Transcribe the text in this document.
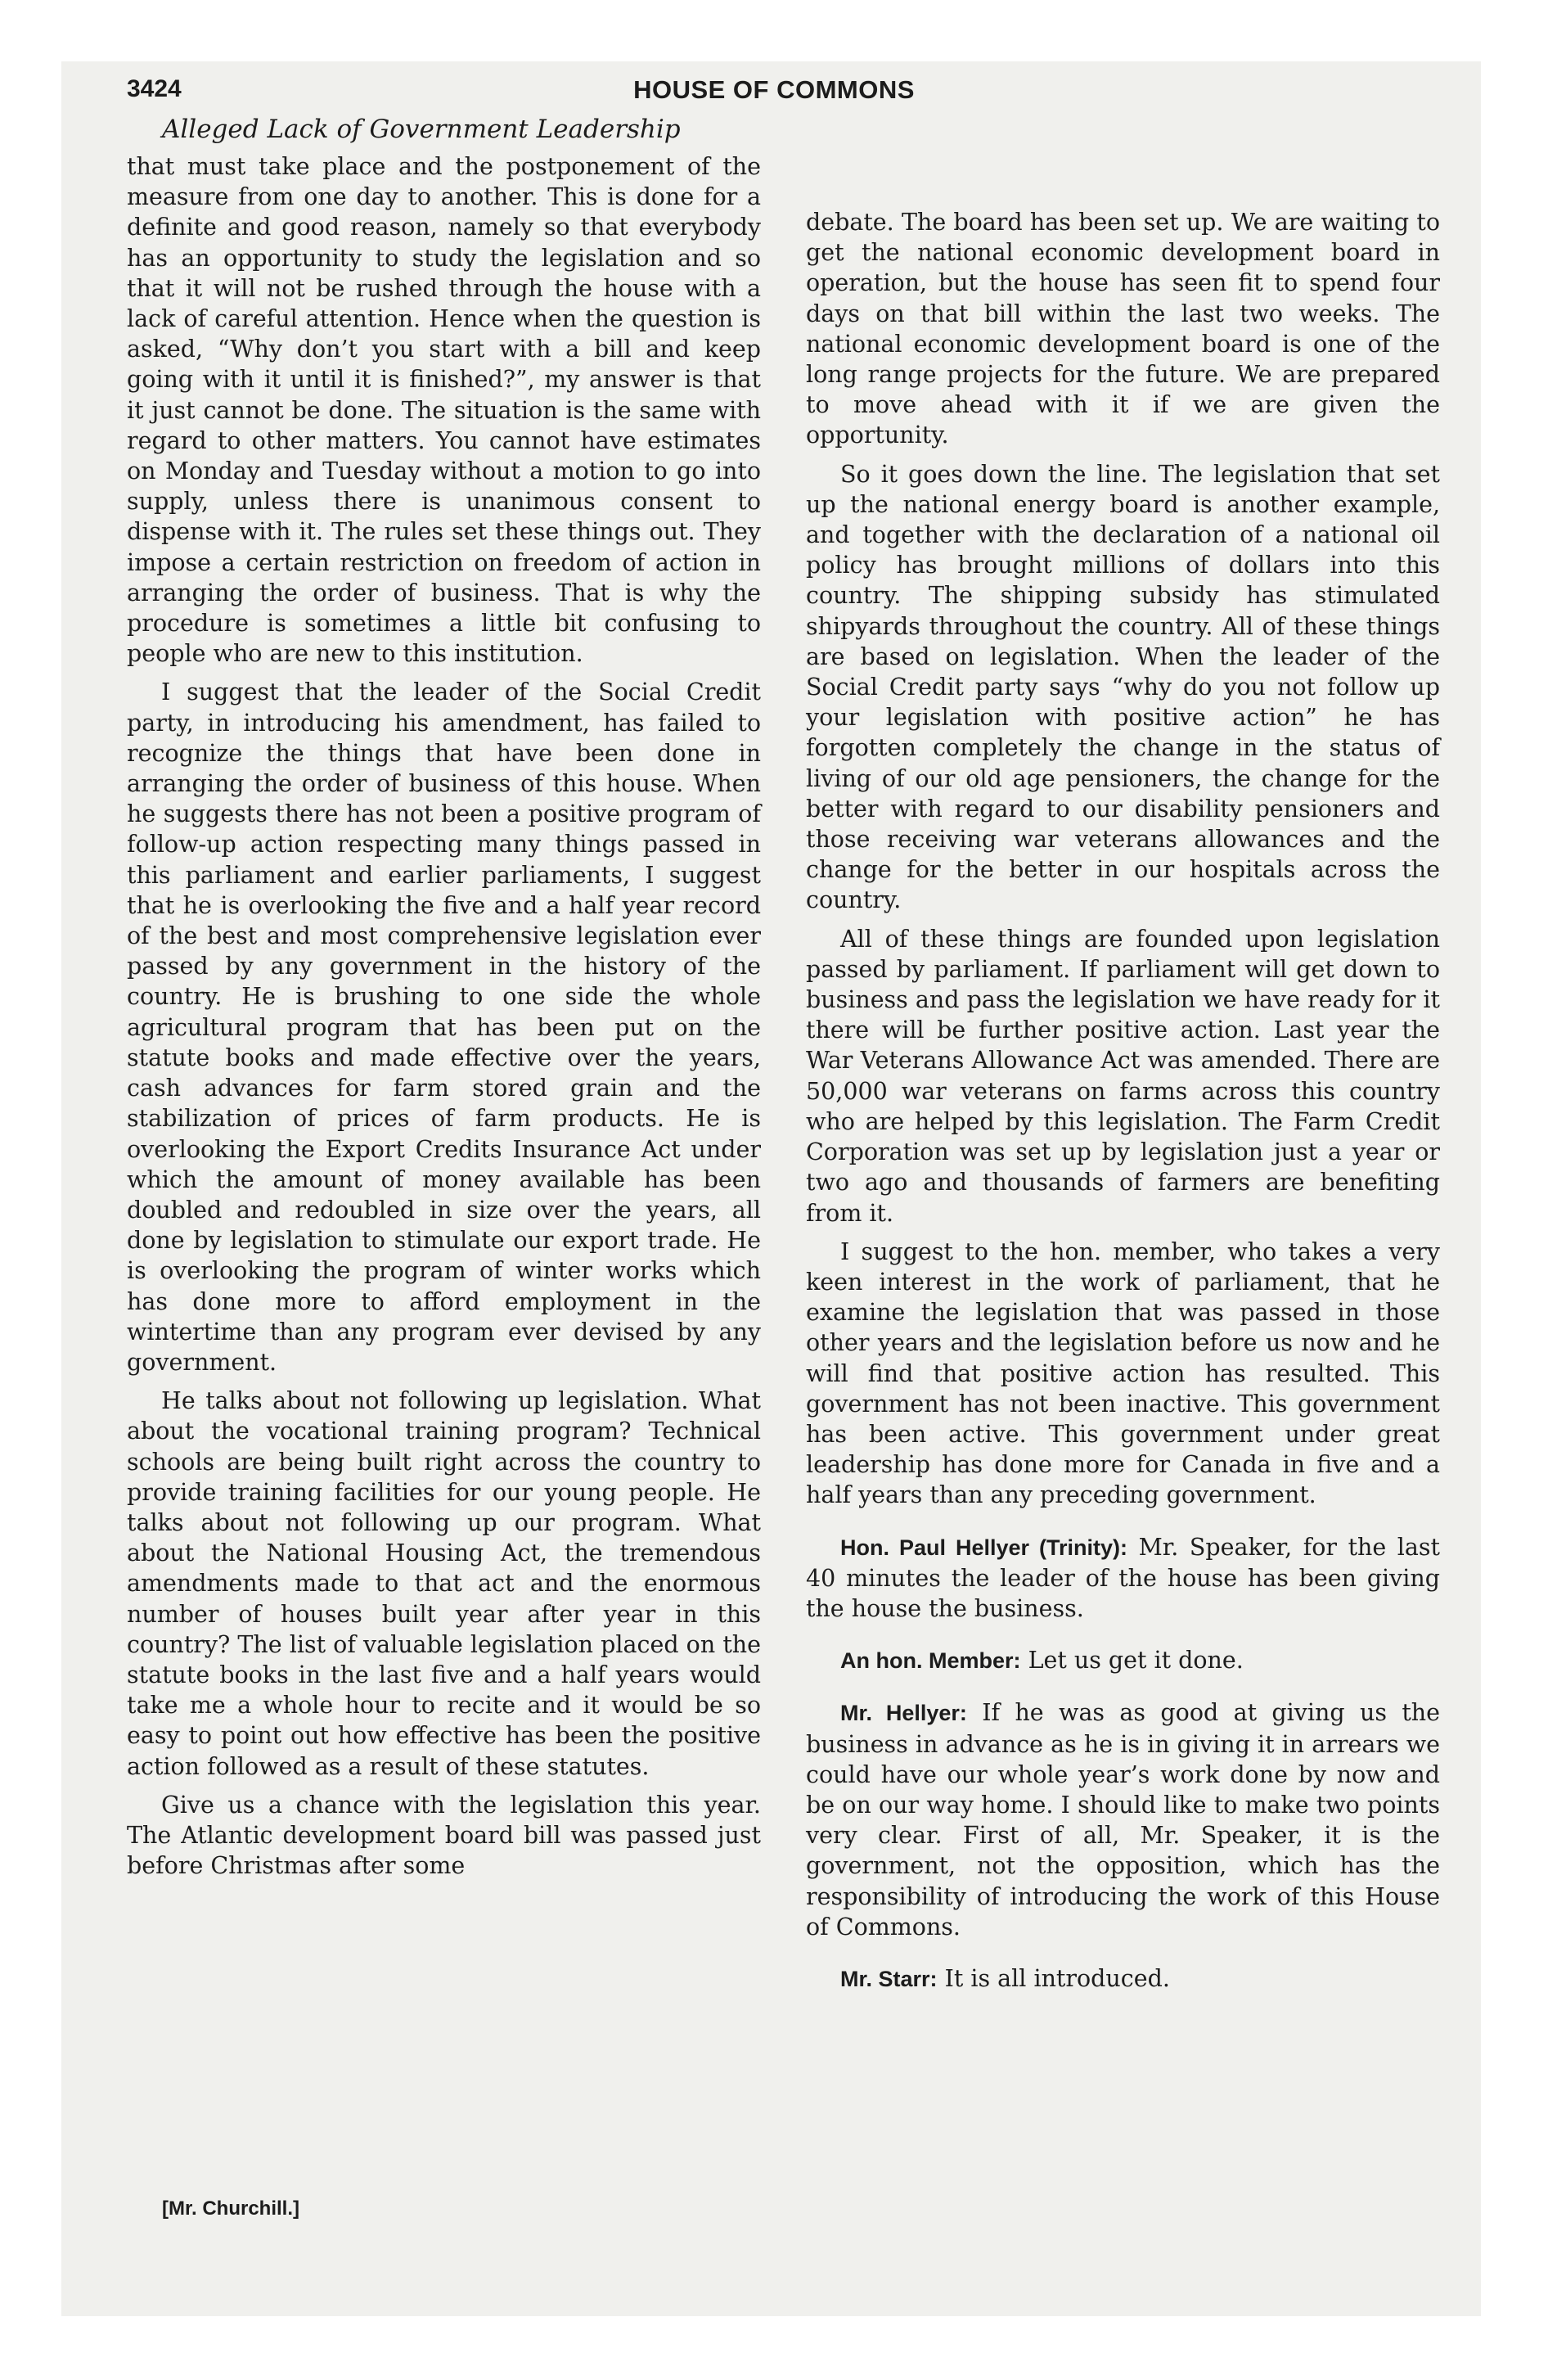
3424	HOUSE OF COMMONS
Alleged Lack of Government Leadership

that must take place and the postponement of the measure from one day to another. This is done for a definite and good reason, namely so that everybody has an opportunity to study the legislation and so that it will not be rushed through the house with a lack of careful attention. Hence when the question is asked, “Why don’t you start with a bill and keep going with it until it is finished?”, my answer is that it just cannot be done. The situation is the same with regard to other matters. You cannot have estimates on Monday and Tuesday without a motion to go into supply, unless there is unanimous consent to dispense with it. The rules set these things out. They impose a certain restriction on freedom of action in arranging the order of business. That is why the procedure is sometimes a little bit confusing to people who are new to this institution.

I suggest that the leader of the Social Credit party, in introducing his amendment, has failed to recognize the things that have been done in arranging the order of business of this house. When he suggests there has not been a positive program of follow-up action respecting many things passed in this parliament and earlier parliaments, I suggest that he is overlooking the five and a half year record of the best and most comprehensive legislation ever passed by any government in the history of the country. He is brushing to one side the whole agricultural program that has been put on the statute books and made effective over the years, cash advances for farm stored grain and the stabilization of prices of farm products. He is overlooking the Export Credits Insurance Act under which the amount of money available has been doubled and redoubled in size over the years, all done by legislation to stimulate our export trade. He is overlooking the program of winter works which has done more to afford employment in the wintertime than any program ever devised by any government.

He talks about not following up legislation. What about the vocational training program? Technical schools are being built right across the country to provide training facilities for our young people. He talks about not following up our program. What about the National Housing Act, the tremendous amendments made to that act and the enormous number of houses built year after year in this country? The list of valuable legislation placed on the statute books in the last five and a half years would take me a whole hour to recite and it would be so easy to point out how effective has been the positive action followed as a result of these statutes.

Give us a chance with the legislation this year. The Atlantic development board bill was passed just before Christmas after some

debate. The board has been set up. We are waiting to get the national economic development board in operation, but the house has seen fit to spend four days on that bill within the last two weeks. The national economic development board is one of the long range projects for the future. We are prepared to move ahead with it if we are given the opportunity.

So it goes down the line. The legislation that set up the national energy board is another example, and together with the declaration of a national oil policy has brought millions of dollars into this country. The shipping subsidy has stimulated shipyards throughout the country. All of these things are based on legislation. When the leader of the Social Credit party says “why do you not follow up your legislation with positive action” he has forgotten completely the change in the status of living of our old age pensioners, the change for the better with regard to our disability pensioners and those receiving war veterans allowances and the change for the better in our hospitals across the country.

All of these things are founded upon legislation passed by parliament. If parliament will get down to business and pass the legislation we have ready for it there will be further positive action. Last year the War Veterans Allowance Act was amended. There are 50,000 war veterans on farms across this country who are helped by this legislation. The Farm Credit Corporation was set up by legislation just a year or two ago and thousands of farmers are benefiting from it.

I suggest to the hon. member, who takes a very keen interest in the work of parliament, that he examine the legislation that was passed in those other years and the legislation before us now and he will find that positive action has resulted. This government has not been inactive. This government has been active. This government under great leadership has done more for Canada in five and a half years than any preceding government.

Hon. Paul Hellyer (Trinity): Mr. Speaker, for the last 40 minutes the leader of the house has been giving the house the business.

An hon. Member: Let us get it done.

Mr. Hellyer: If he was as good at giving us the business in advance as he is in giving it in arrears we could have our whole year’s work done by now and be on our way home. I should like to make two points very clear. First of all, Mr. Speaker, it is the government, not the opposition, which has the responsibility of introducing the work of this House of Commons.

Mr. Starr: It is all introduced.

[Mr. Churchill.]
